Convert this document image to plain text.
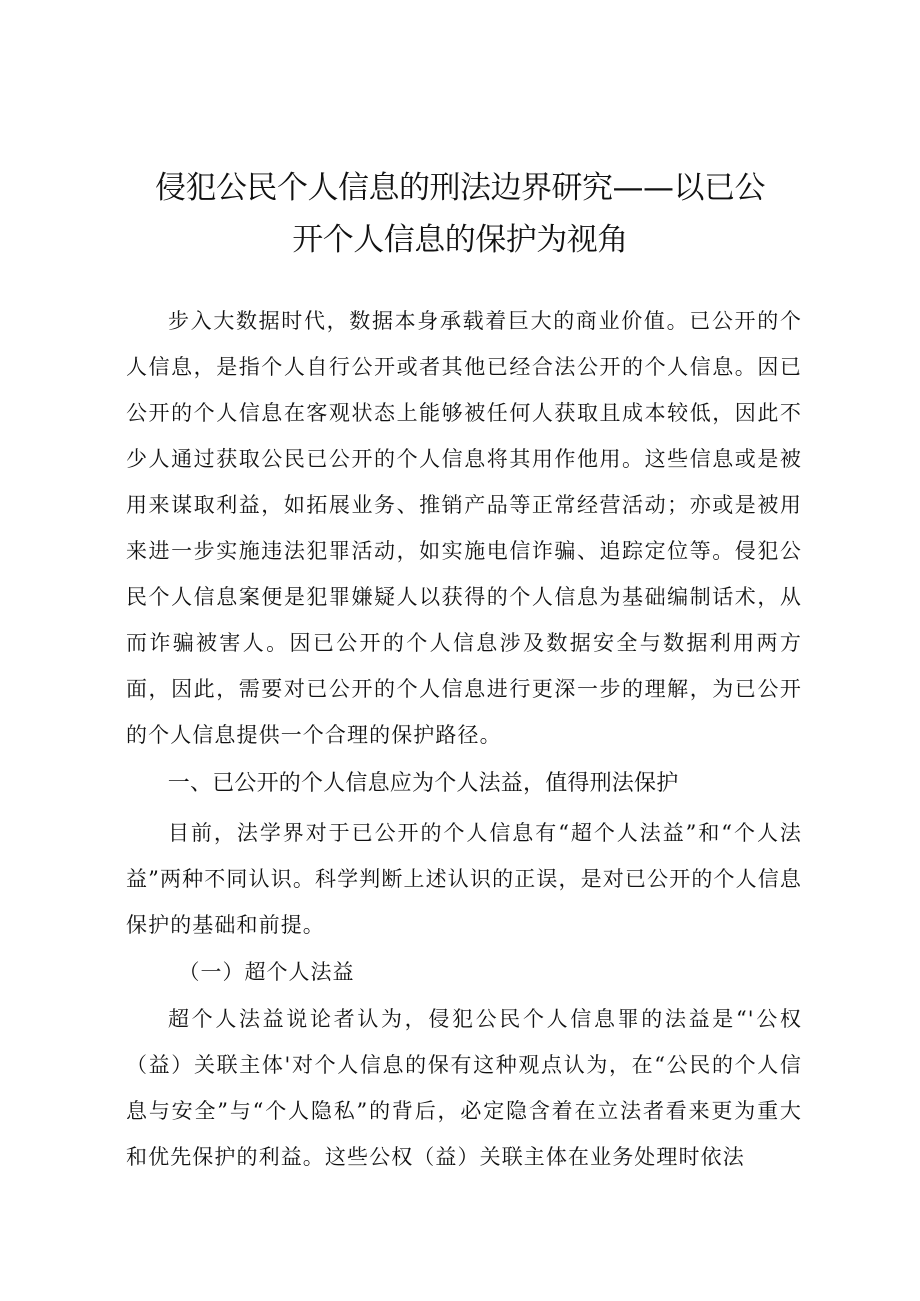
侵犯公民个人信息的刑法边界研究——以已公
开个人信息的保护为视角

步入大数据时代，数据本身承载着巨大的商业价值。已公开的个人信息，是指个人自行公开或者其他已经合法公开的个人信息。因已公开的个人信息在客观状态上能够被任何人获取且成本较低，因此不少人通过获取公民已公开的个人信息将其用作他用。这些信息或是被用来谋取利益，如拓展业务、推销产品等正常经营活动；亦或是被用来进一步实施违法犯罪活动，如实施电信诈骗、追踪定位等。侵犯公民个人信息案便是犯罪嫌疑人以获得的个人信息为基础编制话术，从而诈骗被害人。因已公开的个人信息涉及数据安全与数据利用两方面，因此，需要对已公开的个人信息进行更深一步的理解，为已公开的个人信息提供一个合理的保护路径。

一、已公开的个人信息应为个人法益，值得刑法保护

目前，法学界对于已公开的个人信息有“超个人法益”和“个人法益”两种不同认识。科学判断上述认识的正误，是对已公开的个人信息保护的基础和前提。

（一）超个人法益

超个人法益说论者认为，侵犯公民个人信息罪的法益是“'公权（益）关联主体'对个人信息的保有这种观点认为，在“公民的个人信息与安全”与“个人隐私”的背后，必定隐含着在立法者看来更为重大和优先保护的利益。这些公权（益）关联主体在业务处理时依法
